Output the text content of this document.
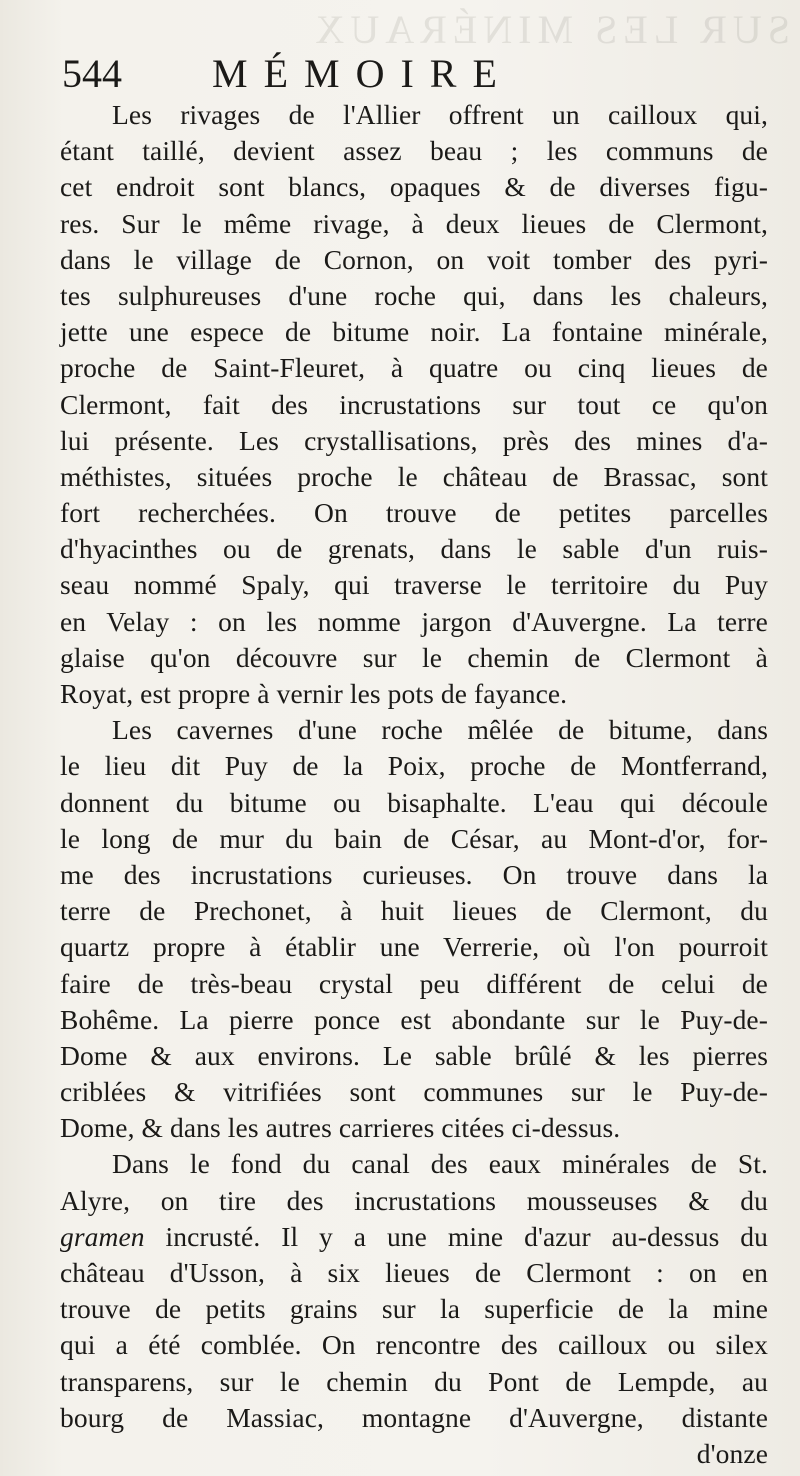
SUR LES MINÉRAUX
544 MÉMOIRE
Les rivages de l'Allier offrent un cailloux qui,
étant taillé, devient assez beau ; les communs de
cet endroit sont blancs, opaques & de diverses figu-
res. Sur le même rivage, à deux lieues de Clermont,
dans le village de Cornon, on voit tomber des pyri-
tes sulphureuses d'une roche qui, dans les chaleurs,
jette une espece de bitume noir. La fontaine minérale,
proche de Saint-Fleuret, à quatre ou cinq lieues de
Clermont, fait des incrustations sur tout ce qu'on
lui présente. Les crystallisations, près des mines d'a-
méthistes, situées proche le château de Brassac, sont
fort recherchées. On trouve de petites parcelles
d'hyacinthes ou de grenats, dans le sable d'un ruis-
seau nommé Spaly, qui traverse le territoire du Puy
en Velay : on les nomme jargon d'Auvergne. La terre
glaise qu'on découvre sur le chemin de Clermont à
Royat, est propre à vernir les pots de fayance.
Les cavernes d'une roche mêlée de bitume, dans
le lieu dit Puy de la Poix, proche de Montferrand,
donnent du bitume ou bisaphalte. L'eau qui découle
le long de mur du bain de César, au Mont-d'or, for-
me des incrustations curieuses. On trouve dans la
terre de Prechonet, à huit lieues de Clermont, du
quartz propre à établir une Verrerie, où l'on pourroit
faire de très-beau crystal peu différent de celui de
Bohême. La pierre ponce est abondante sur le Puy-de-
Dome & aux environs. Le sable brûlé & les pierres
criblées & vitrifiées sont communes sur le Puy-de-
Dome, & dans les autres carrieres citées ci-dessus.
Dans le fond du canal des eaux minérales de St.
Alyre, on tire des incrustations mousseuses & du
gramen incrusté. Il y a une mine d'azur au-dessus du
château d'Usson, à six lieues de Clermont : on en
trouve de petits grains sur la superficie de la mine
qui a été comblée. On rencontre des cailloux ou silex
transparens, sur le chemin du Pont de Lempde, au
bourg de Massiac, montagne d'Auvergne, distante
d'onze
